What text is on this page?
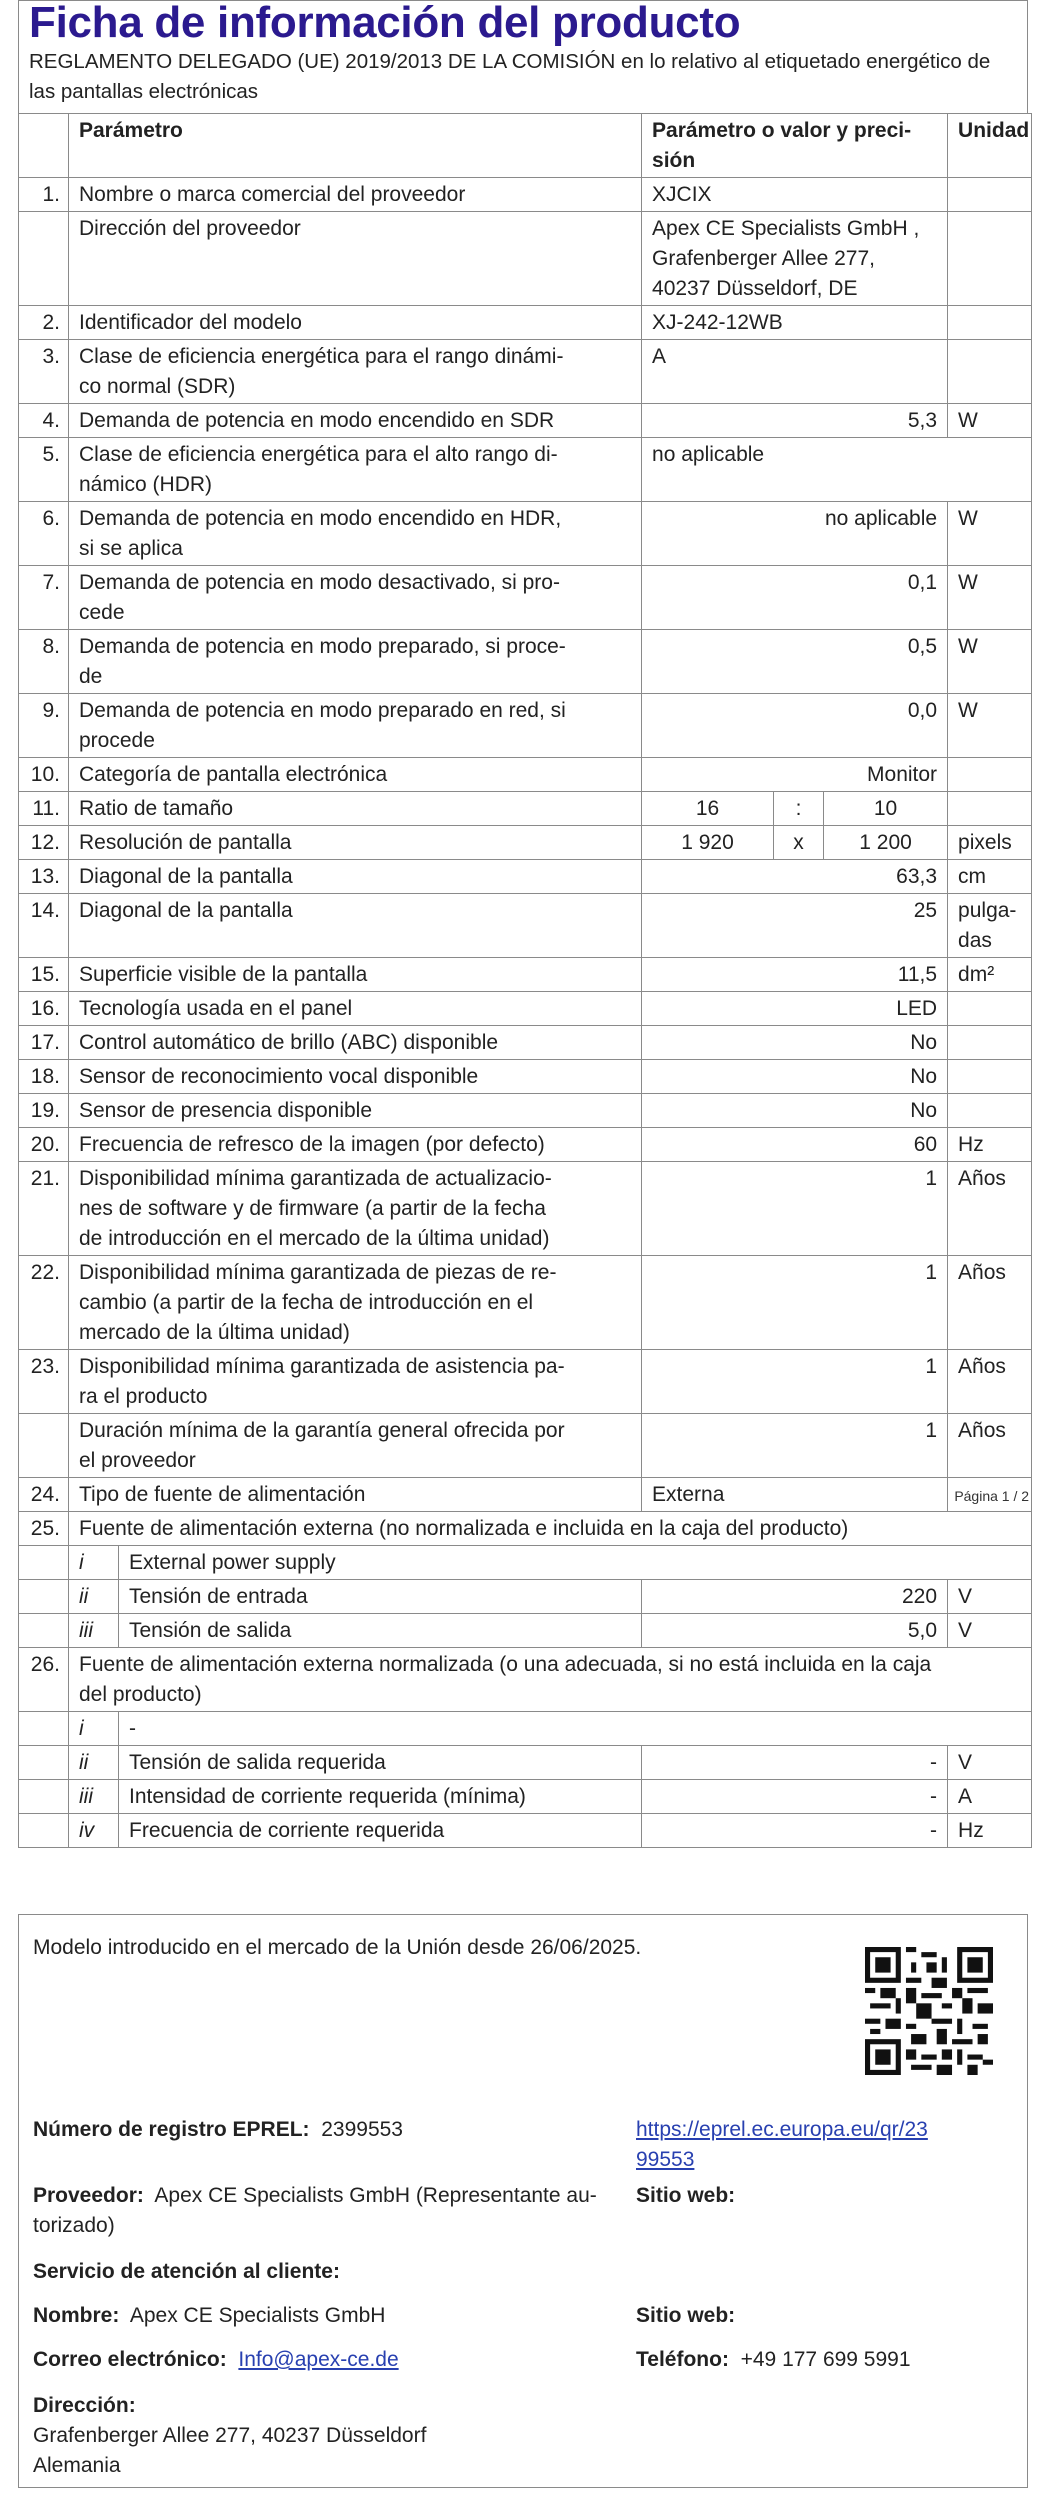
Ficha de información del producto
REGLAMENTO DELEGADO (UE) 2019/2013 DE LA COMISIÓN en lo relativo al etiquetado energético de las pantallas electrónicas
	Parámetro		Parámetro o valor y preci-
sión			Unidad
1.	Nombre o marca comercial del proveedor		XJCIX			
	Dirección del proveedor		Apex CE Specialists GmbH ,
Grafenberger Allee 277,
40237 Düsseldorf, DE			
2.	Identificador del modelo		XJ-242-12WB			
3.	Clase de eficiencia energética para el rango dinámi-
co normal (SDR)		A			
4.	Demanda de potencia en modo encendido en SDR		5,3			W
5.	Clase de eficiencia energética para el alto rango di-
námico (HDR)		no aplicable			
6.	Demanda de potencia en modo encendido en HDR,
si se aplica		no aplicable			W
7.	Demanda de potencia en modo desactivado, si pro-
cede		0,1			W
8.	Demanda de potencia en modo preparado, si proce-
de		0,5			W
9.	Demanda de potencia en modo preparado en red, si
procede		0,0			W
10.	Categoría de pantalla electrónica		Monitor			
11.	Ratio de tamaño		16	:	10	
12.	Resolución de pantalla		1 920	x	1 200	pixels
13.	Diagonal de la pantalla		63,3			cm
14.	Diagonal de la pantalla		25			pulga-
das
15.	Superficie visible de la pantalla		11,5			dm²
16.	Tecnología usada en el panel		LED			
17.	Control automático de brillo (ABC) disponible		No			
18.	Sensor de reconocimiento vocal disponible		No			
19.	Sensor de presencia disponible		No			
20.	Frecuencia de refresco de la imagen (por defecto)		60			Hz
21.	Disponibilidad mínima garantizada de actualizacio-
nes de software y de firmware (a partir de la fecha
de introducción en el mercado de la última unidad)		1			Años
22.	Disponibilidad mínima garantizada de piezas de re-
cambio (a partir de la fecha de introducción en el
mercado de la última unidad)		1			Años
23.	Disponibilidad mínima garantizada de asistencia pa-
ra el producto		1			Años
	Duración mínima de la garantía general ofrecida por
el proveedor		1			Años
24.	Tipo de fuente de alimentación		Externa			Página 1 / 2
25.	Fuente de alimentación externa (no normalizada e incluida en la caja del producto)					
	i	External power supply				
	ii	Tensión de entrada	220			V
	iii	Tensión de salida	5,0			V
26.	Fuente de alimentación externa normalizada (o una adecuada, si no está incluida en la caja
del producto)					
	i	-				
	ii	Tensión de salida requerida	-			V
	iii	Intensidad de corriente requerida (mínima)	-			A
	iv	Frecuencia de corriente requerida	-			Hz
Modelo introducido en el mercado de la Unión desde 26/06/2025.
Número de registro EPREL: 2399553	https://eprel.ec.europa.eu/qr/23
99553
Proveedor: Apex CE Specialists GmbH (Representante au-
torizado)
Sitio web:
Servicio de atención al cliente:
Nombre: Apex CE Specialists GmbH	Sitio web:
Correo electrónico: Info@apex-ce.de	Teléfono: +49 177 699 5991
Dirección:
Grafenberger Allee 277, 40237 Düsseldorf
Alemania
